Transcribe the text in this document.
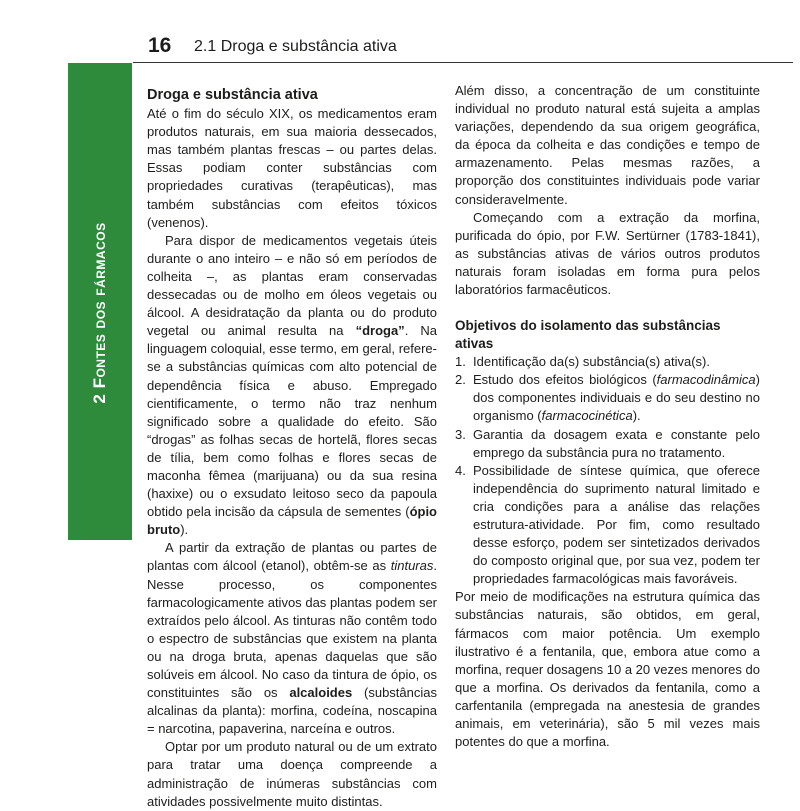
16 2.1 Droga e substância ativa
2 Fontes dos fármacos
Droga e substância ativa

Até o fim do século XIX, os medicamentos eram produtos naturais, em sua maioria dessecados, mas também plantas frescas – ou partes delas. Essas podiam conter substâncias com propriedades curativas (terapêuticas), mas também substâncias com efeitos tóxicos (venenos).

Para dispor de medicamentos vegetais úteis durante o ano inteiro – e não só em períodos de colheita –, as plantas eram conservadas dessecadas ou de molho em óleos vegetais ou álcool. A desidratação da planta ou do produto vegetal ou animal resulta na “droga”. Na linguagem coloquial, esse termo, em geral, refere-se a substâncias químicas com alto potencial de dependência física e abuso. Empregado cientificamente, o termo não traz nenhum significado sobre a qualidade do efeito. São “drogas” as folhas secas de hortelã, flores secas de tília, bem como folhas e flores secas de maconha fêmea (marijuana) ou da sua resina (haxixe) ou o exsudato leitoso seco da papoula obtido pela incisão da cápsula de sementes (ópio bruto).

A partir da extração de plantas ou partes de plantas com álcool (etanol), obtêm-se as tinturas. Nesse processo, os componentes farmacologicamente ativos das plantas podem ser extraídos pelo álcool. As tinturas não contêm todo o espectro de substâncias que existem na planta ou na droga bruta, apenas daquelas que são solúveis em álcool. No caso da tintura de ópio, os constituintes são os alcaloides (substâncias alcalinas da planta): morfina, codeína, noscapina = narcotina, papaverina, narceína e outros.

Optar por um produto natural ou de um extrato para tratar uma doença compreende a administração de inúmeras substâncias com atividades possivelmente muito distintas.

Além disso, a concentração de um constituinte individual no produto natural está sujeita a amplas variações, dependendo da sua origem geográfica, da época da colheita e das condições e tempo de armazenamento. Pelas mesmas razões, a proporção dos constituintes individuais pode variar consideravelmente.

Começando com a extração da morfina, purificada do ópio, por F.W. Sertürner (1783-1841), as substâncias ativas de vários outros produtos naturais foram isoladas em forma pura pelos laboratórios farmacêuticos.

Objetivos do isolamento das substâncias ativas
1. Identificação da(s) substância(s) ativa(s).
2. Estudo dos efeitos biológicos (farmacodinâmica) dos componentes individuais e do seu destino no organismo (farmacocinética).
3. Garantia da dosagem exata e constante pelo emprego da substância pura no tratamento.
4. Possibilidade de síntese química, que oferece independência do suprimento natural limitado e cria condições para a análise das relações estrutura-atividade. Por fim, como resultado desse esforço, podem ser sintetizados derivados do composto original que, por sua vez, podem ter propriedades farmacológicas mais favoráveis.

Por meio de modificações na estrutura química das substâncias naturais, são obtidos, em geral, fármacos com maior potência. Um exemplo ilustrativo é a fentanila, que, embora atue como a morfina, requer dosagens 10 a 20 vezes menores do que a morfina. Os derivados da fentanila, como a carfentanila (empregada na anestesia de grandes animais, em veterinária), são 5 mil vezes mais potentes do que a morfina.
